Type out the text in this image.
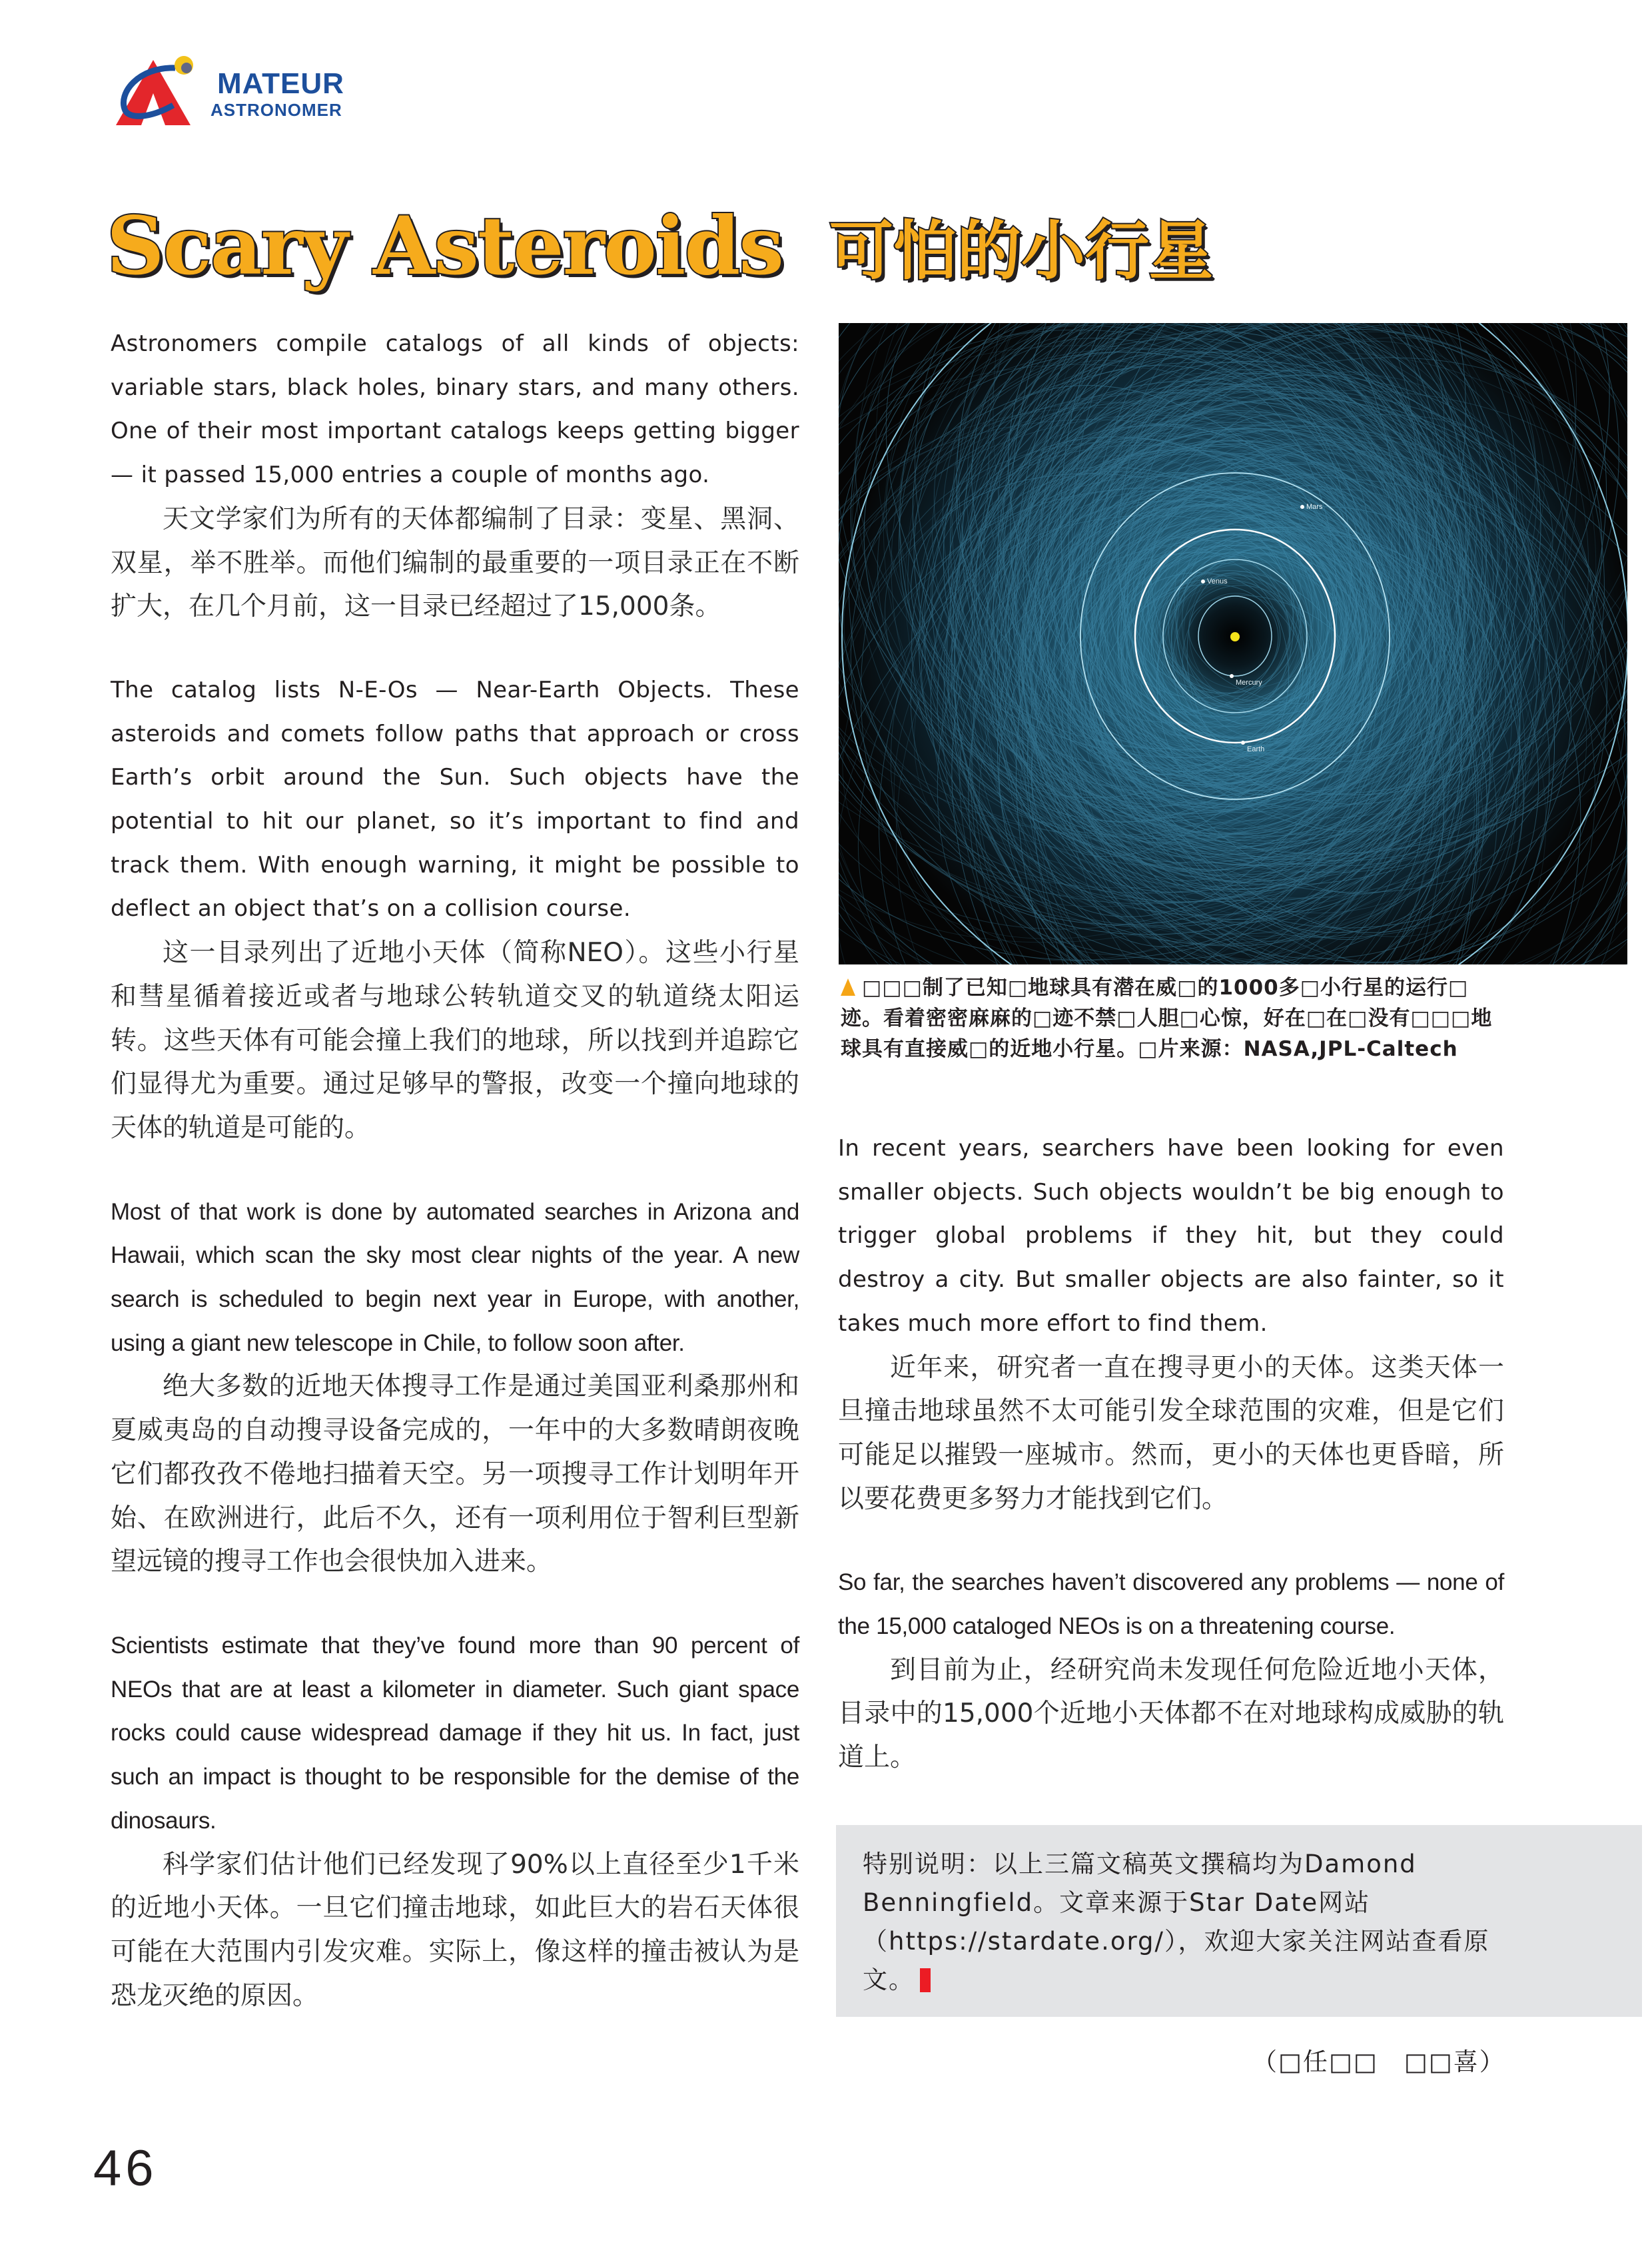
MATEUR
ASTRONOMER
Scary Asteroids 可怕的小行星

Astronomers compile catalogs of all kinds of objects: variable stars, black holes, binary stars, and many others. One of their most important catalogs keeps getting bigger — it passed 15,000 entries a couple of months ago.

天文学家们为所有的天体都编制了目录：变星、黑洞、双星，举不胜举。而他们编制的最重要的一项目录正在不断扩大，在几个月前，这一目录已经超过了15,000条。

The catalog lists N-E-Os — Near-Earth Objects. These asteroids and comets follow paths that approach or cross Earth’s orbit around the Sun. Such objects have the potential to hit our planet, so it’s important to find and track them. With enough warning, it might be possible to deflect an object that’s on a collision course.

这一目录列出了近地小天体（简称NEO）。这些小行星和彗星循着接近或者与地球公转轨道交叉的轨道绕太阳运转。这些天体有可能会撞上我们的地球，所以找到并追踪它们显得尤为重要。通过足够早的警报，改变一个撞向地球的天体的轨道是可能的。

Most of that work is done by automated searches in Arizona and Hawaii, which scan the sky most clear nights of the year. A new search is scheduled to begin next year in Europe, with another, using a giant new telescope in Chile, to follow soon after.

绝大多数的近地天体搜寻工作是通过美国亚利桑那州和夏威夷岛的自动搜寻设备完成的，一年中的大多数晴朗夜晚它们都孜孜不倦地扫描着天空。另一项搜寻工作计划明年开始、在欧洲进行，此后不久，还有一项利用位于智利巨型新望远镜的搜寻工作也会很快加入进来。

Scientists estimate that they’ve found more than 90 percent of NEOs that are at least a kilometer in diameter. Such giant space rocks could cause widespread damage if they hit us. In fact, just such an impact is thought to be responsible for the demise of the dinosaurs.

科学家们估计他们已经发现了90%以上直径至少1千米的近地小天体。一旦它们撞击地球，如此巨大的岩石天体很可能在大范围内引发灾难。实际上，像这样的撞击被认为是恐龙灭绝的原因。

Mars
Venus
Mercury
Earth
□□□制了已知□地球具有潜在威□的1000多□小行星的运行□迹。看着密密麻麻的□迹不禁□人胆□心惊，好在□在□没有□□□地球具有直接威□的近地小行星。□片来源：NASA,JPL-Caltech

In recent years, searchers have been looking for even smaller objects. Such objects wouldn’t be big enough to trigger global problems if they hit, but they could destroy a city. But smaller objects are also fainter, so it takes much more effort to find them.

近年来，研究者一直在搜寻更小的天体。这类天体一旦撞击地球虽然不太可能引发全球范围的灾难，但是它们可能足以摧毁一座城市。然而，更小的天体也更昏暗，所以要花费更多努力才能找到它们。

So far, the searches haven’t discovered any problems — none of the 15,000 cataloged NEOs is on a threatening course.

到目前为止，经研究尚未发现任何危险近地小天体，目录中的15,000个近地小天体都不在对地球构成威胁的轨道上。

特别说明：以上三篇文稿英文撰稿均为Damond Benningfield。文章来源于Star Date网站（https://stardate.org/），欢迎大家关注网站查看原文。
（□任□□　□□喜）
46
